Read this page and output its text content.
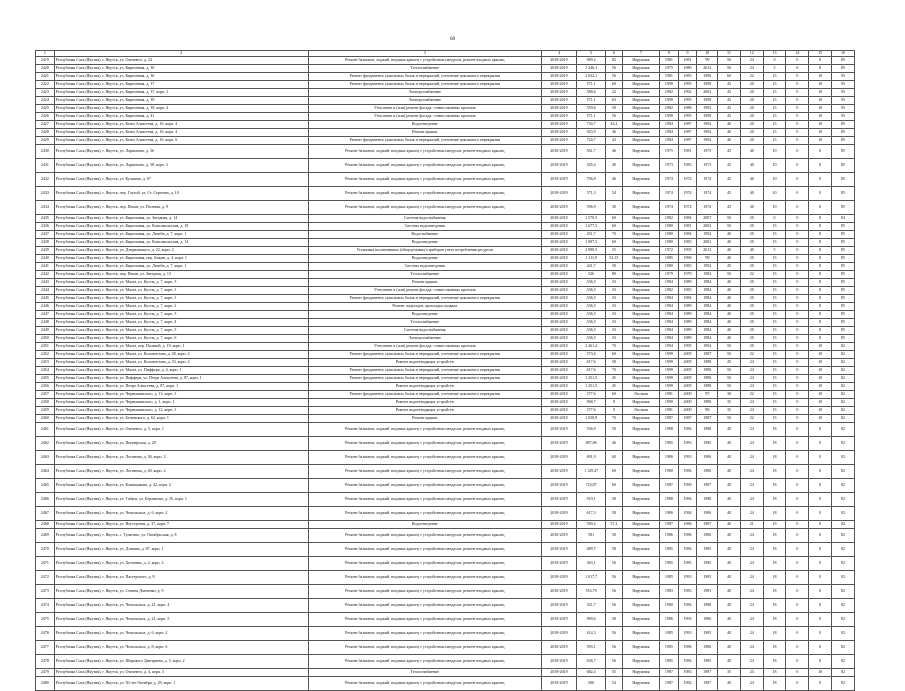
68
1	2	3	4	5	6	7	8	9	10	11	12	13	14	15	16
2419	Республика Саха (Якутия), г. Якутск, ул. Очичнего, д. 23	Ремонт балконов, лоджий, входных крылец с устройством пандусов, ремонт входных крылец	2018-2019	909,2	82	Наружная	1981	1981	'99	50	24	0	0	0	85
2420	Республика Саха (Якутия), г. Якутск, ул. Кирпичная, д. 30	Теплоснабжение	2018-2019	1 246,1	56	Наружная	1975	1980	2012	50	24	5	6	8	85
2421	Республика Саха (Якутия), г. Якутск, ул. Кирпичная, д. 36	Ремонт фундамента, цокольных балок и перекрытий, утепление цокольного перекрытия	2018-2019	2 032,1	56	Наружная	1981	1983	1996	60	22	15	0	10	95
2422	Республика Саха (Якутия), г. Якутск, ул. Кирпичная, д. 37	Ремонт фундамента, цокольных балок и перекрытий, утепление цокольного перекрытия	2018-2019	571,1	60	Наружная	1990	1995	1998	45	20	15	0	10	95
2423	Республика Саха (Якутия), г. Якутск, ул. Кирпичная, д. 37, корп. 1	Электроснабжение	2018-2019	588,6	22	Наружная	1982	1992	2002	45	20	15	0	10	95
2424	Республика Саха (Якутия), г. Якутск, ул. Кирпичная, д. 39	Электроснабжение	2018-2019	571,1	63	Наружная	1990	1995	1998	45	20	15	0	10	95
2425	Республика Саха (Якутия), г. Якутск, ул. Кирпичная, д. 39, корп. 4	Утепление и (или) ремонт фасада, ставен оконных проемов	2018-2019	559,6	50	Наружная	1982	1988	1992	45	20	15	0	10	95
2426	Республика Саха (Якутия), г. Якутск, ул. Кирпичная, д. 41	Утепление и (или) ремонт фасада, ставен оконных проемов	2018-2019	571,1	56	Наружная	1990	1995	1998	45	20	15	0	10	95
2427	Республика Саха (Якутия), г. Якутск, ул. Кешх Алексеева, д. 10, корп. 4	Водоотведение	2018-2019	734,7	43,2	Наружная	1984	1987	1994	40	20	15	0	10	85
2428	Республика Саха (Якутия), г. Якутск, ул. Кешх Алексеева, д. 10, корп. 4	Ремонт крыши	2018-2019	923,9	46	Наружная	1984	1987	1994	40	20	15	0	10	85
2429	Республика Саха (Якутия), г. Якутск, ул. Кешх Алексеева, д. 10, корп. 6	Ремонт фундамента, цокольных балок и перекрытий, утепление цокольного перекрытия	2018-2019	724,7	43	Наружная	1984	1987	1994	40	20	15	0	10	85
2430	Республика Саха (Якутия), г. Якутск, ул. Ларионова, д. 36	Ремонт балконов, лоджий, входных крылец с устройством пандусов, ремонт входных крылец	2018-2019	561,7	46	Наружная	1975	1981	1975	45	40	10	0	0	85
2431	Республика Саха (Якутия), г. Якутск, ул. Ларионова, д. 38, корп. 3	Ремонт балконов, лоджий, входных крылец с устройством пандусов, ремонт входных крылец	2018-2019	545,4	40	Наружная	1973	1983	1973	45	40	10	0	0	85
2432	Республика Саха (Якутия), г. Якутск, ул. Кулакова, д. 67	Ремонт балконов, лоджий, входных крылец с устройством пандусов, ремонт входных крылец	2018-2019	706,8	46	Наружная	1974	1974	1974	45	40	10	0	0	85
2433	Республика Саха (Якутия), г. Якутск, пер. Глухой, ул. Ст. Сергеева, д. 10	Ремонт балконов, лоджий, входных крылец с устройством пандусов, ремонт входных крылец	2018-2019	571,3	54	Наружная	1974	1974	1974	45	40	10	0	0	85
2434	Республика Саха (Якутия), г. Якутск, пер. Пекан, ул. Полевая, д. 9	Ремонт балконов, лоджий, входных крылец с устройством пандусов, ремонт входных крылец	2018-2019	596,9	30	Наружная	1974	1974	1974	45	30	10	0	0	85
2435	Республика Саха (Якутия), г. Якутск, ул. Кирпичная, ул. Звездная, д. 14	Система водоснабжения	2018-2019	1 570,5	60	Наружная	1982	1984	2007	50	20	0	0	8	84
2436	Республика Саха (Якутия), г. Якутск, ул. Кирпичная, ул. Комсомольская, д. 18	Система водоотведения	2018-2019	1 677,5	60	Наружная	1980	1981	2003	50	20	15	0	8	85
2437	Республика Саха (Якутия), г. Якутск, ул. Кирпичная, ул. Лечебн, д. 7, корп. 1	Водоснабжение	2018-2019	451,7	70	Наружная	1980	1984	1992	40	20	15	0	8	85
2438	Республика Саха (Якутия), г. Якутск, ул. Кирпичная, ул. Комсомольская, д. 14	Водоотведение	2018-2019	1 087,5	60	Наружная	1980	1983	2001	40	20	15	0	8	85
2439	Республика Саха (Якутия), г. Якутск, ул. Дзержинского, д. 22, корп. 2	Установка коллективных (общедомовых) приборов учета потребления ресурсов	2018-2019	2 990,5	55	Наружная	1972	1993	2013	40	40	5	0	8	85
2440	Республика Саха (Якутия), г. Якутск, ул. Кирпичная, пер. Бикин, д. 4, корп. 1	Водоотведение	2018-2019	1 111,9	52,15	Наружная	1985	1990	'99	40	20	15	0	8	85
2441	Республика Саха (Якутия), г. Якутск, ул. Кирпичная, ул. Лечебн, д. 7, корп. 1	Система водоотведения	2018-2019	441,7	50	Наружная	1980	1983	1992	45	20	15	0	8	85
2442	Республика Саха (Якутия), г. Якутск, пер. Пекан, ул. Звездная, д. 13	Теплоснабжение	2018-2019	526	80	Наружная	1979	1979	1983	50	22	15	0	8	85
2443	Республика Саха (Якутия), г. Якутск, ул. Магла, ул. Кусты, д. 7, корп. 3	Ремонт крыши	2018-2019	536,5	33	Наружная	1984	1989	1984	40	20	15	0	8	85
2444	Республика Саха (Якутия), г. Якутск, ул. Магла, ул. Кусты, д. 7, корп. 1	Утепление и (или) ремонт фасада, ставен оконных проемов	2018-2019	536,5	33	Наружная	1982	1983	1984	40	20	15	0	8	85
2445	Республика Саха (Якутия), г. Якутск, ул. Магла, ул. Кусты, д. 7, корп. 1	Ремонт фундамента, цокольных балок и перекрытий, утепление цокольного перекрытия	2018-2019	536,5	33	Наружная	1984	1984	1984	40	20	15	0	8	85
2446	Республика Саха (Якутия), г. Якутск, ул. Магла, ул. Кусты, д. 7, корп. 2	Ремонт подъездов, прокладка подвала	2018-2019	536,5	33	Наружная	1984	1989	1984	40	20	15	0	8	85
2447	Республика Саха (Якутия), г. Якутск, ул. Магла, ул. Кусты, д. 7, корп. 3	Водоотведение	2018-2019	536,5	33	Наружная	1984	1989	1984	40	20	15	0	8	85
2448	Республика Саха (Якутия), г. Якутск, ул. Магла, ул. Кусты, д. 7, корп. 4	Теплоснабжение	2018-2019	536,5	33	Наружная	1984	1989	1984	40	20	15	0	8	85
2449	Республика Саха (Якутия), г. Якутск, ул. Магла, ул. Кусты, д. 7, корп. 5	Система водоснабжения	2018-2019	536,5	33	Наружная	1984	1989	1984	40	20	15	0	8	85
2450	Республика Саха (Якутия), г. Якутск, ул. Магла, ул. Кусты, д. 7, корп. 6	Электроснабжение	2018-2019	536,5	33	Наружная	1984	1989	1984	40	20	15	0	8	85
2451	Республика Саха (Якутия), г. Якутск, ул. Магла, пер. Полевой, д. 19, корп. 1	Утепление и (или) ремонт фасада, ставен оконных проемов	2018-2019	2 261,4	70	Наружная	1994	1995	1994	50	20	15	0	10	82
2452	Республика Саха (Якутия), г. Якутск, ул. Магла, ул. Колонистова, д. 28, корп. 2	Ремонт фундамента, цокольных балок и перекрытий, утепление цокольного перекрытия	2018-2019	573,6	60	Наружная	1999	2009	1987	50	22	15	0	10	82
2453	Республика Саха (Якутия), г. Якутск, ул. Магла, ул. Колонистова, д. 33, корп. 2	Ремонт водоотводящих устройств	2018-2019	617,6	58	Наружная	1999	2009	1988	45	24	15	0	10	82
2454	Республика Саха (Якутия), г. Якутск, ул. Магла, ул. Пиффера, д. 4, корп. 1	Ремонт фундамента, цокольных балок и перекрытий, утепление цокольного перекрытия	2018-2019	617,6	70	Наружная	1999	2009	1980	50	24	15	0	10	82
2455	Республика Саха (Якутия), г. Якутск, ул. Пиффера, ул. Петра Алексеева, д. 87, корп. 1	Ремонт фундамента, цокольных балок и перекрытий, утепление цокольного перекрытия	2018-2019	1 251,5	45	Наружная	1999	2009	1980	50	24	15	0	10	82
2456	Республика Саха (Якутия), г. Якутск, ул. Петра Алексеева, д. 87, корп. 1	Ремонт водоотводящих устройств	2018-2019	1 251,5	45	Наружная	1999	2009	1988	50	24	15	0	10	82
2457	Республика Саха (Якутия), г. Якутск, ул. Чернышевского, д. 13, корп. 1	Ремонт фундамента, цокольных балок и перекрытий, утепление цокольного перекрытия	2018-2019	577,6	60	Лестная	1981	2000	'87	30	22	15	0	10	82
2458	Республика Саха (Якутия), г. Якутск, ул. Чернышевского, д. 1, корп. 1	Ремонт водоотводящих устройств	2018-2019	968,7	8	Наружная	1990	2000	1980	35	24	15	0	10	82
2459	Республика Саха (Якутия), г. Якутск, ул. Чернышевского, д. 12, корп. 1	Ремонт водоотводящих устройств	2018-2019	577,6	0	Лестная	1981	2000	'86	35	24	15	0	10	82
2460	Республика Саха (Якутия), г. Якутск, ул. Белинского, д. 62, корп. 1	Ремонт крыши	2018-2019	1 038,8	70	Наружная	1987	1987	1987	50	22	15	0	10	82
2461	Республика Саха (Якутия), г. Якутск, ул. Очичнего, д. 5, корп. 1	Ремонт балконов, лоджий, входных крылец с устройством пандусов, ремонт входных крылец	2018-2019	536,9	50	Наружная	1988	1984	1988	40	24	18	0	0	82
2462	Республика Саха (Якутия), г. Якутск, ул. Пионерская, д. 29	Ремонт балконов, лоджий, входных крылец с устройством пандусов, ремонт входных крылец	2018-2019	867,86	46	Наружная	1985	1983	1985	40	24	18	0	0	82
2463	Республика Саха (Якутия), г. Якутск, ул. Логинова, д. 36, корп. 2	Ремонт балконов, лоджий, входных крылец с устройством пандусов, ремонт входных крылец	2018-2019	691,9	60	Наружная	1986	1993	1986	40	24	18	0	0	82
2464	Республика Саха (Якутия), г. Якутск, ул. Логинова, д. 40, корп. 2	Ремонт балконов, лоджий, входных крылец с устройством пандусов, ремонт входных крылец	2018-2019	1 129,47	60	Наружная	1980	1984	1980	40	24	18	0	0	82
2465	Республика Саха (Якутия), г. Якутск, ул. Клинщикова, д. 42, корп. 2	Ремонт балконов, лоджий, входных крылец с устройством пандусов, ремонт входных крылец	2018-2019	723,87	60	Наружная	1987	1990	1987	40	24	18	0	0	82
2466	Республика Саха (Якутия), г. Якутск, ул. Табаги, ул. Берлинова, д. 35, корп. 1	Ремонт балконов, лоджий, входных крылец с устройством пандусов, ремонт входных крылец	2018-2019	919,1	58	Наружная	1988	1984	1988	40	24	18	0	0	82
2467	Республика Саха (Якутия), г. Якутск, ул. Чепальских, д. 6, корп. 2	Ремонт балконов, лоджий, входных крылец с устройством пандусов, ремонт входных крылец	2018-2019	617,3	58	Наружная	1986	1984	1986	40	24	18	0	0	82
2468	Республика Саха (Якутия), г. Якутск, ул. Неустроева, д. 37, корп. 7	Водоотведение	2018-2019	590,2	57,2	Наружная	1987	1986	1987	40	21	19	0	0	82
2469	Республика Саха (Якутия), г. Якутск, с. Тулагино, ул. Октябрьская, д. 8	Ремонт балконов, лоджий, входных крылец с устройством пандусов, ремонт входных крылец	2018-2019	581	50	Наружная	1986	1986	1986	40	24	18	0	0	82
2470	Республика Саха (Якутия), г. Якутск, ул. Дзавина, д. 87, корп. 1	Ремонт балконов, лоджий, входных крылец с устройством пандусов, ремонт входных крылец	2018-2019	489,7	58	Наружная	1985	1984	1985	40	24	18	0	0	82
2471	Республика Саха (Якутия), г. Якутск, ул. Хотьника, д. 2, корп. 2	Ремонт балконов, лоджий, входных крылец с устройством пандусов, ремонт входных крылец	2018-2019	363,1	56	Наружная	1985	1985	1985	40	24	18	0	0	82
2472	Республика Саха (Якутия), г. Якутск, ул. Пастерского, д. 8	Ремонт балконов, лоджий, входных крылец с устройством пандусов, ремонт входных крылец	2018-2019	1 017,7	56	Наружная	1985	1993	1985	40	24	18	0	0	82
2473	Республика Саха (Якутия), г. Якутск, ул. Семена Данченко, д. 9	Ремонт балконов, лоджий, входных крылец с устройством пандусов, ремонт входных крылец	2018-2019	516,79	56	Наружная	1983	1983	1983	40	24	18	0	0	82
2474	Республика Саха (Якутия), г. Якутск, ул. Чепальских, д. 41, корп. 4	Ремонт балконов, лоджий, входных крылец с устройством пандусов, ремонт входных крылец	2018-2019	321,7	56	Наружная	1980	1984	1988	40	24	18	0	0	82
2475	Республика Саха (Якутия), г. Якутск, ул. Чепальских, д. 41, корп. 5	Ремонт балконов, лоджий, входных крылец с устройством пандусов, ремонт входных крылец	2018-2019	909,6	58	Наружная	1986	1993	1986	40	24	18	0	0	82
2476	Республика Саха (Якутия), г. Якутск, ул. Чепальских, д. 6, корп. 2	Ремонт балконов, лоджий, входных крылец с устройством пандусов, ремонт входных крылец	2018-2019	414,3	56	Наружная	1985	1993	1985	40	24	18	0	0	82
2477	Республика Саха (Якутия), г. Якутск, ул. Чепальских, д. 8, корп. 6	Ремонт балконов, лоджий, входных крылец с устройством пандусов, ремонт входных крылец	2018-2019	593,1	56	Наружная	1985	1986	1986	40	24	18	0	0	82
2478	Республика Саха (Якутия), г. Якутск, ул. Широкого Дмитриева, д. 5, корп. 2	Ремонт балконов, лоджий, входных крылец с устройством пандусов, ремонт входных крылец	2018-2019	636,7	56	Наружная	1985	1984	1985	40	24	18	0	0	82
2479	Республика Саха (Якутия), г. Якутск, ул. Очичнего, д. 4, корп. 3	Теплоснабжение	2018-2019	682,4	55	Наружная	1987	1983	1987	35	23	18	0	10	82
2480	Республика Саха (Якутия), г. Якутск, ул. 50-лет Октября, д. 29, корп. 1	Ремонт балконов, лоджий, входных крылец с устройством пандусов, ремонт входных крылец	2018-2019	506	54	Наружная	1987	1982	1987	40	24	18	0	0	82
